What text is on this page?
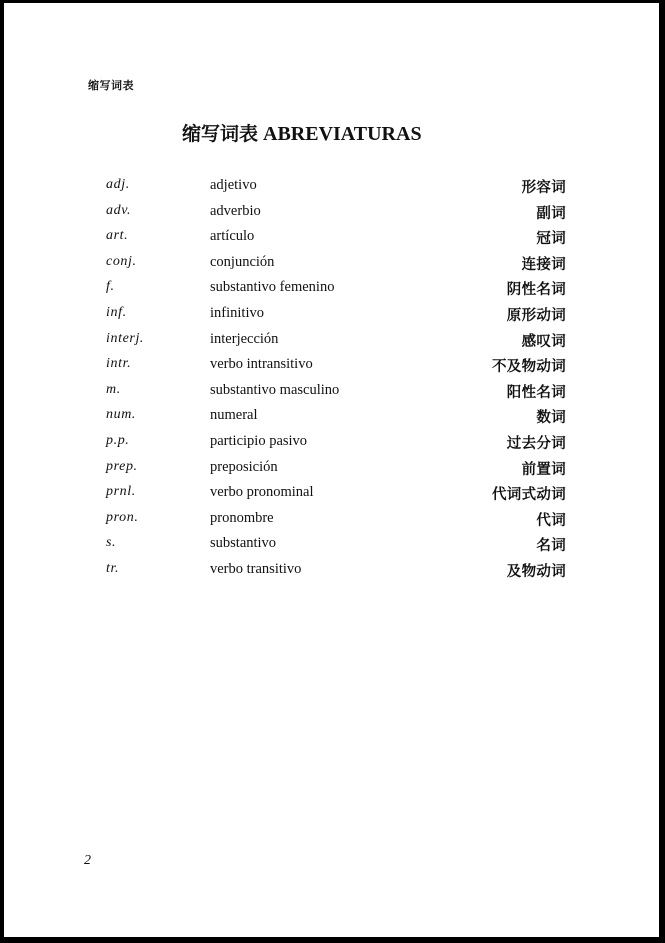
缩写词表
缩写词表 ABREVIATURAS
adj.	adjetivo	形容词
adv.	adverbio	副词
art.	artículo	冠词
conj.	conjunción	连接词
f.	substantivo femenino	阴性名词
inf.	infinitivo	原形动词
interj.	interjección	感叹词
intr.	verbo intransitivo	不及物动词
m.	substantivo masculino	阳性名词
num.	numeral	数词
p.p.	participio pasivo	过去分词
prep.	preposición	前置词
prnl.	verbo pronominal	代词式动词
pron.	pronombre	代词
s.	substantivo	名词
tr.	verbo transitivo	及物动词
2
